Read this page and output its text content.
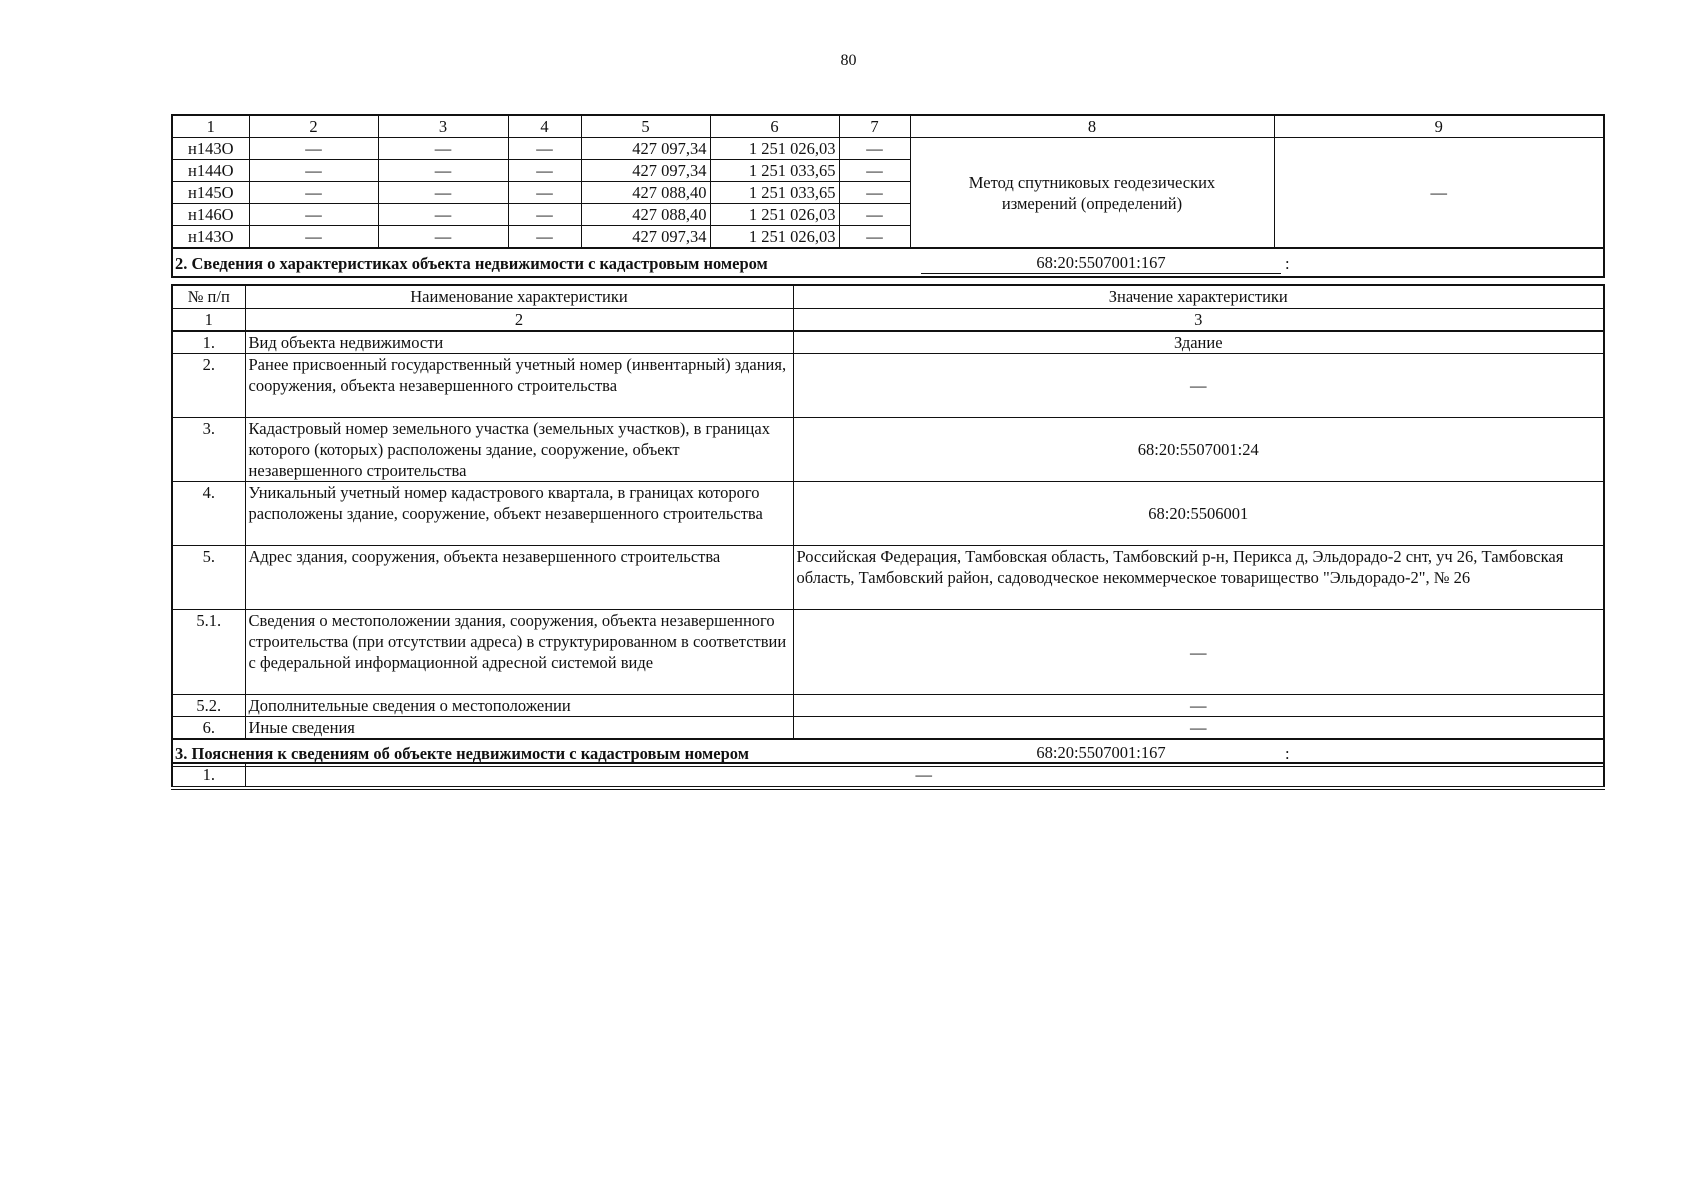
80
1	2	3	4	5	6	7	8	9
н143О	—	—	—	427 097,34	1 251 026,03	—	Метод спутниковых геодезических измерений (определений)	—
н144О	—	—	—	427 097,34	1 251 033,65	—		
н145О	—	—	—	427 088,40	1 251 033,65	—		
н146О	—	—	—	427 088,40	1 251 026,03	—		
н143О	—	—	—	427 097,34	1 251 026,03	—		

2. Сведения о характеристиках объекта недвижимости с кадастровым номером 68:20:5507001:167 :								
№ п/п	Наименование характеристики	Значение характеристики
1	2	3
1.	Вид объекта недвижимости	Здание
2.	Ранее присвоенный государственный учетный номер (инвентарный) здания, сооружения, объекта незавершенного строительства	—
3.	Кадастровый номер земельного участка (земельных участков), в границах которого (которых) расположены здание, сооружение, объект незавершенного строительства	68:20:5507001:24
4.	Уникальный учетный номер кадастрового квартала, в границах которого расположены здание, сооружение, объект незавершенного строительства	68:20:5506001
5.	Адрес здания, сооружения, объекта незавершенного строительства	Российская Федерация, Тамбовская область, Тамбовский р-н, Перикса д, Эльдорадо-2 снт, уч 26, Тамбовская область, Тамбовский район, садоводческое некоммерческое товарищество "Эльдорадо-2", № 26
5.1.	Сведения о местоположении здания, сооружения, объекта незавершенного строительства (при отсутствии адреса) в структурированном в соответствии с федеральной информационной адресной системой виде	—
5.2.	Дополнительные сведения о местоположении	—
6.	Иные сведения	—

3. Пояснения к сведениям об объекте недвижимости с кадастровым номером 68:20:5507001:167 :		
1.	—
